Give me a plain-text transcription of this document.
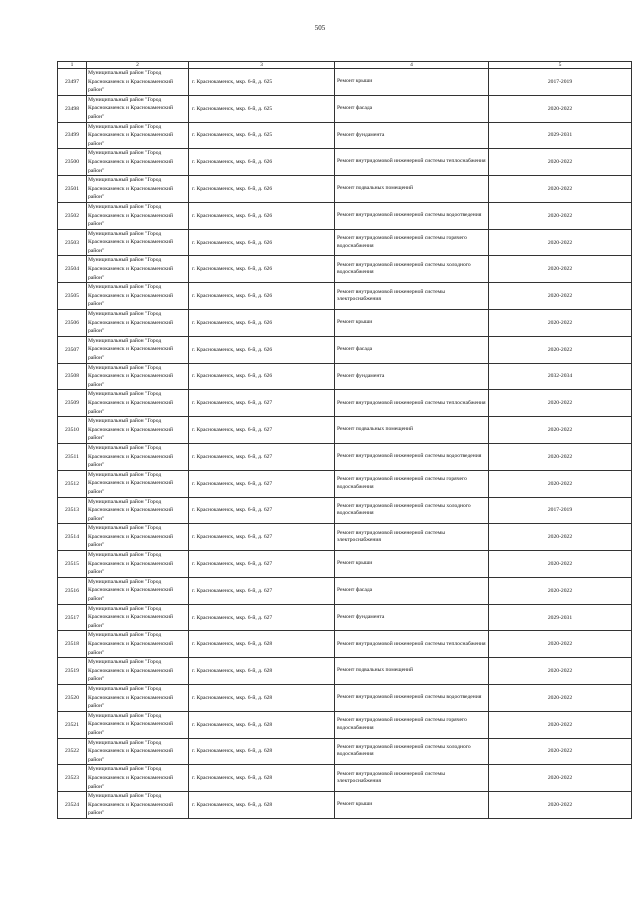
505
1	2	3	4	5
23497	Муниципальный район "Город Краснокаменск и Краснокаменский район"	г. Краснокаменск, мкр. 6-й, д. 625	Ремонт крыши	2017-2019
23498	Муниципальный район "Город Краснокаменск и Краснокаменский район"	г. Краснокаменск, мкр. 6-й, д. 625	Ремонт фасада	2020-2022
23499	Муниципальный район "Город Краснокаменск и Краснокаменский район"	г. Краснокаменск, мкр. 6-й, д. 625	Ремонт фундамента	2029-2031
23500	Муниципальный район "Город Краснокаменск и Краснокаменский район"	г. Краснокаменск, мкр. 6-й, д. 626	Ремонт внутридомовой инженерной системы теплоснабжения	2020-2022
23501	Муниципальный район "Город Краснокаменск и Краснокаменский район"	г. Краснокаменск, мкр. 6-й, д. 626	Ремонт подвальных помещений	2020-2022
23502	Муниципальный район "Город Краснокаменск и Краснокаменский район"	г. Краснокаменск, мкр. 6-й, д. 626	Ремонт внутридомовой инженерной системы водоотведения	2020-2022
23503	Муниципальный район "Город Краснокаменск и Краснокаменский район"	г. Краснокаменск, мкр. 6-й, д. 626	Ремонт внутридомовой инженерной системы горячего водоснабжения	2020-2022
23504	Муниципальный район "Город Краснокаменск и Краснокаменский район"	г. Краснокаменск, мкр. 6-й, д. 626	Ремонт внутридомовой инженерной системы холодного водоснабжения	2020-2022
23505	Муниципальный район "Город Краснокаменск и Краснокаменский район"	г. Краснокаменск, мкр. 6-й, д. 626	Ремонт внутридомовой инженерной системы электроснабжения	2020-2022
23506	Муниципальный район "Город Краснокаменск и Краснокаменский район"	г. Краснокаменск, мкр. 6-й, д. 626	Ремонт крыши	2020-2022
23507	Муниципальный район "Город Краснокаменск и Краснокаменский район"	г. Краснокаменск, мкр. 6-й, д. 626	Ремонт фасада	2020-2022
23508	Муниципальный район "Город Краснокаменск и Краснокаменский район"	г. Краснокаменск, мкр. 6-й, д. 626	Ремонт фундамента	2032-2034
23509	Муниципальный район "Город Краснокаменск и Краснокаменский район"	г. Краснокаменск, мкр. 6-й, д. 627	Ремонт внутридомовой инженерной системы теплоснабжения	2020-2022
23510	Муниципальный район "Город Краснокаменск и Краснокаменский район"	г. Краснокаменск, мкр. 6-й, д. 627	Ремонт подвальных помещений	2020-2022
23511	Муниципальный район "Город Краснокаменск и Краснокаменский район"	г. Краснокаменск, мкр. 6-й, д. 627	Ремонт внутридомовой инженерной системы водоотведения	2020-2022
23512	Муниципальный район "Город Краснокаменск и Краснокаменский район"	г. Краснокаменск, мкр. 6-й, д. 627	Ремонт внутридомовой инженерной системы горячего водоснабжения	2020-2022
23513	Муниципальный район "Город Краснокаменск и Краснокаменский район"	г. Краснокаменск, мкр. 6-й, д. 627	Ремонт внутридомовой инженерной системы холодного водоснабжения	2017-2019
23514	Муниципальный район "Город Краснокаменск и Краснокаменский район"	г. Краснокаменск, мкр. 6-й, д. 627	Ремонт внутридомовой инженерной системы электроснабжения	2020-2022
23515	Муниципальный район "Город Краснокаменск и Краснокаменский район"	г. Краснокаменск, мкр. 6-й, д. 627	Ремонт крыши	2020-2022
23516	Муниципальный район "Город Краснокаменск и Краснокаменский район"	г. Краснокаменск, мкр. 6-й, д. 627	Ремонт фасада	2020-2022
23517	Муниципальный район "Город Краснокаменск и Краснокаменский район"	г. Краснокаменск, мкр. 6-й, д. 627	Ремонт фундамента	2029-2031
23518	Муниципальный район "Город Краснокаменск и Краснокаменский район"	г. Краснокаменск, мкр. 6-й, д. 628	Ремонт внутридомовой инженерной системы теплоснабжения	2020-2022
23519	Муниципальный район "Город Краснокаменск и Краснокаменский район"	г. Краснокаменск, мкр. 6-й, д. 628	Ремонт подвальных помещений	2020-2022
23520	Муниципальный район "Город Краснокаменск и Краснокаменский район"	г. Краснокаменск, мкр. 6-й, д. 628	Ремонт внутридомовой инженерной системы водоотведения	2020-2022
23521	Муниципальный район "Город Краснокаменск и Краснокаменский район"	г. Краснокаменск, мкр. 6-й, д. 628	Ремонт внутридомовой инженерной системы горячего водоснабжения	2020-2022
23522	Муниципальный район "Город Краснокаменск и Краснокаменский район"	г. Краснокаменск, мкр. 6-й, д. 628	Ремонт внутридомовой инженерной системы холодного водоснабжения	2020-2022
23523	Муниципальный район "Город Краснокаменск и Краснокаменский район"	г. Краснокаменск, мкр. 6-й, д. 628	Ремонт внутридомовой инженерной системы электроснабжения	2020-2022
23524	Муниципальный район "Город Краснокаменск и Краснокаменский район"	г. Краснокаменск, мкр. 6-й, д. 628	Ремонт крыши	2020-2022
